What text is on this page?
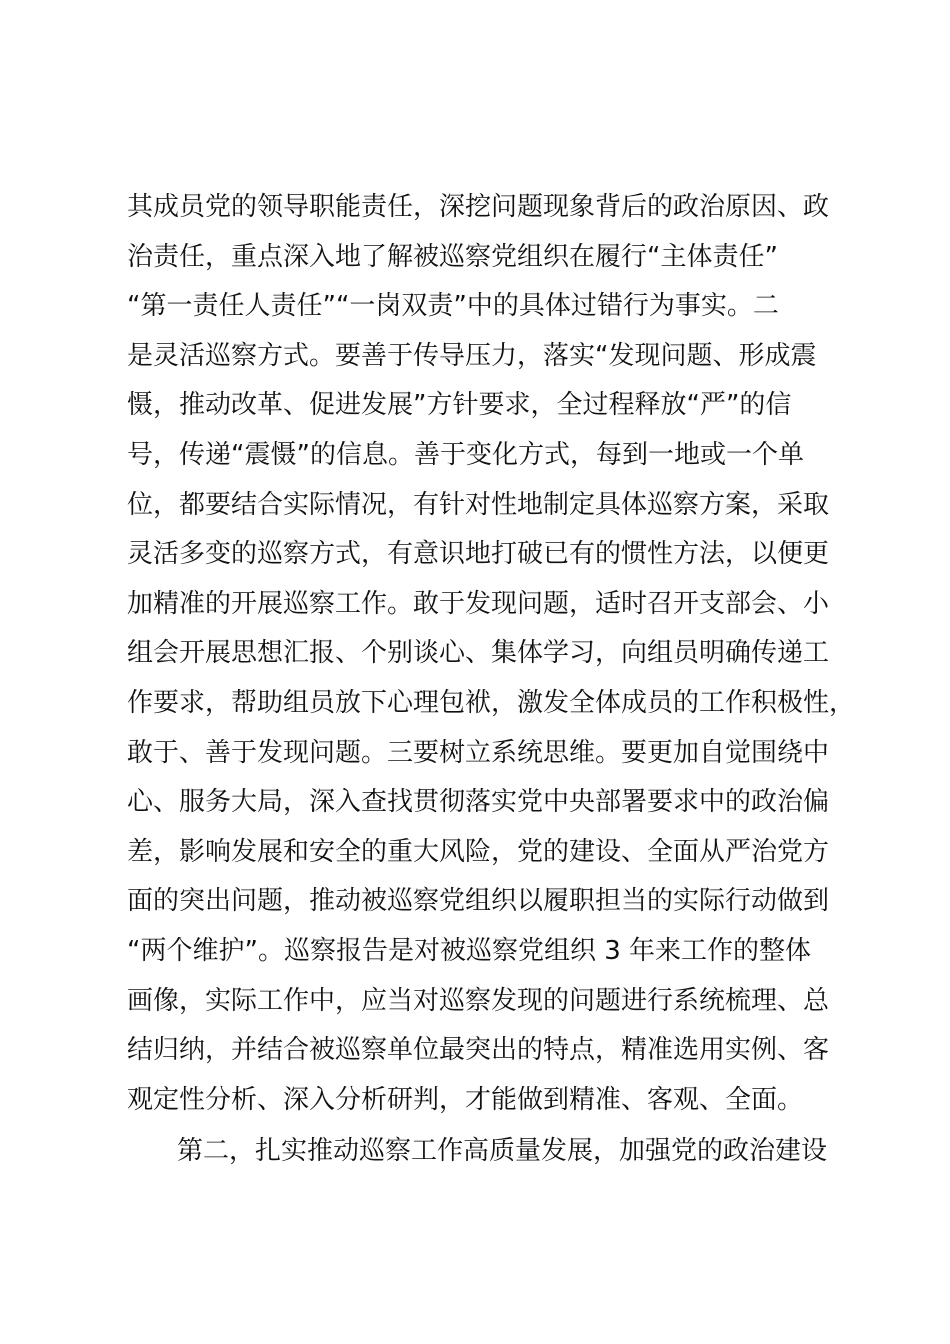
其成员党的领导职能责任，深挖问题现象背后的政治原因、政
治责任，重点深入地了解被巡察党组织在履行“主体责任”
“第一责任人责任”“一岗双责”中的具体过错行为事实。二
是灵活巡察方式。要善于传导压力，落实“发现问题、形成震
慑，推动改革、促进发展”方针要求，全过程释放“严”的信
号，传递“震慑”的信息。善于变化方式，每到一地或一个单
位，都要结合实际情况，有针对性地制定具体巡察方案，采取
灵活多变的巡察方式，有意识地打破已有的惯性方法，以便更
加精准的开展巡察工作。敢于发现问题，适时召开支部会、小
组会开展思想汇报、个别谈心、集体学习，向组员明确传递工
作要求，帮助组员放下心理包袱，激发全体成员的工作积极性，
敢于、善于发现问题。三要树立系统思维。要更加自觉围绕中
心、服务大局，深入查找贯彻落实党中央部署要求中的政治偏
差，影响发展和安全的重大风险，党的建设、全面从严治党方
面的突出问题，推动被巡察党组织以履职担当的实际行动做到
“两个维护”。巡察报告是对被巡察党组织 3 年来工作的整体
画像，实际工作中，应当对巡察发现的问题进行系统梳理、总
结归纳，并结合被巡察单位最突出的特点，精准选用实例、客
观定性分析、深入分析研判，才能做到精准、客观、全面。
第二，扎实推动巡察工作高质量发展，加强党的政治建设
